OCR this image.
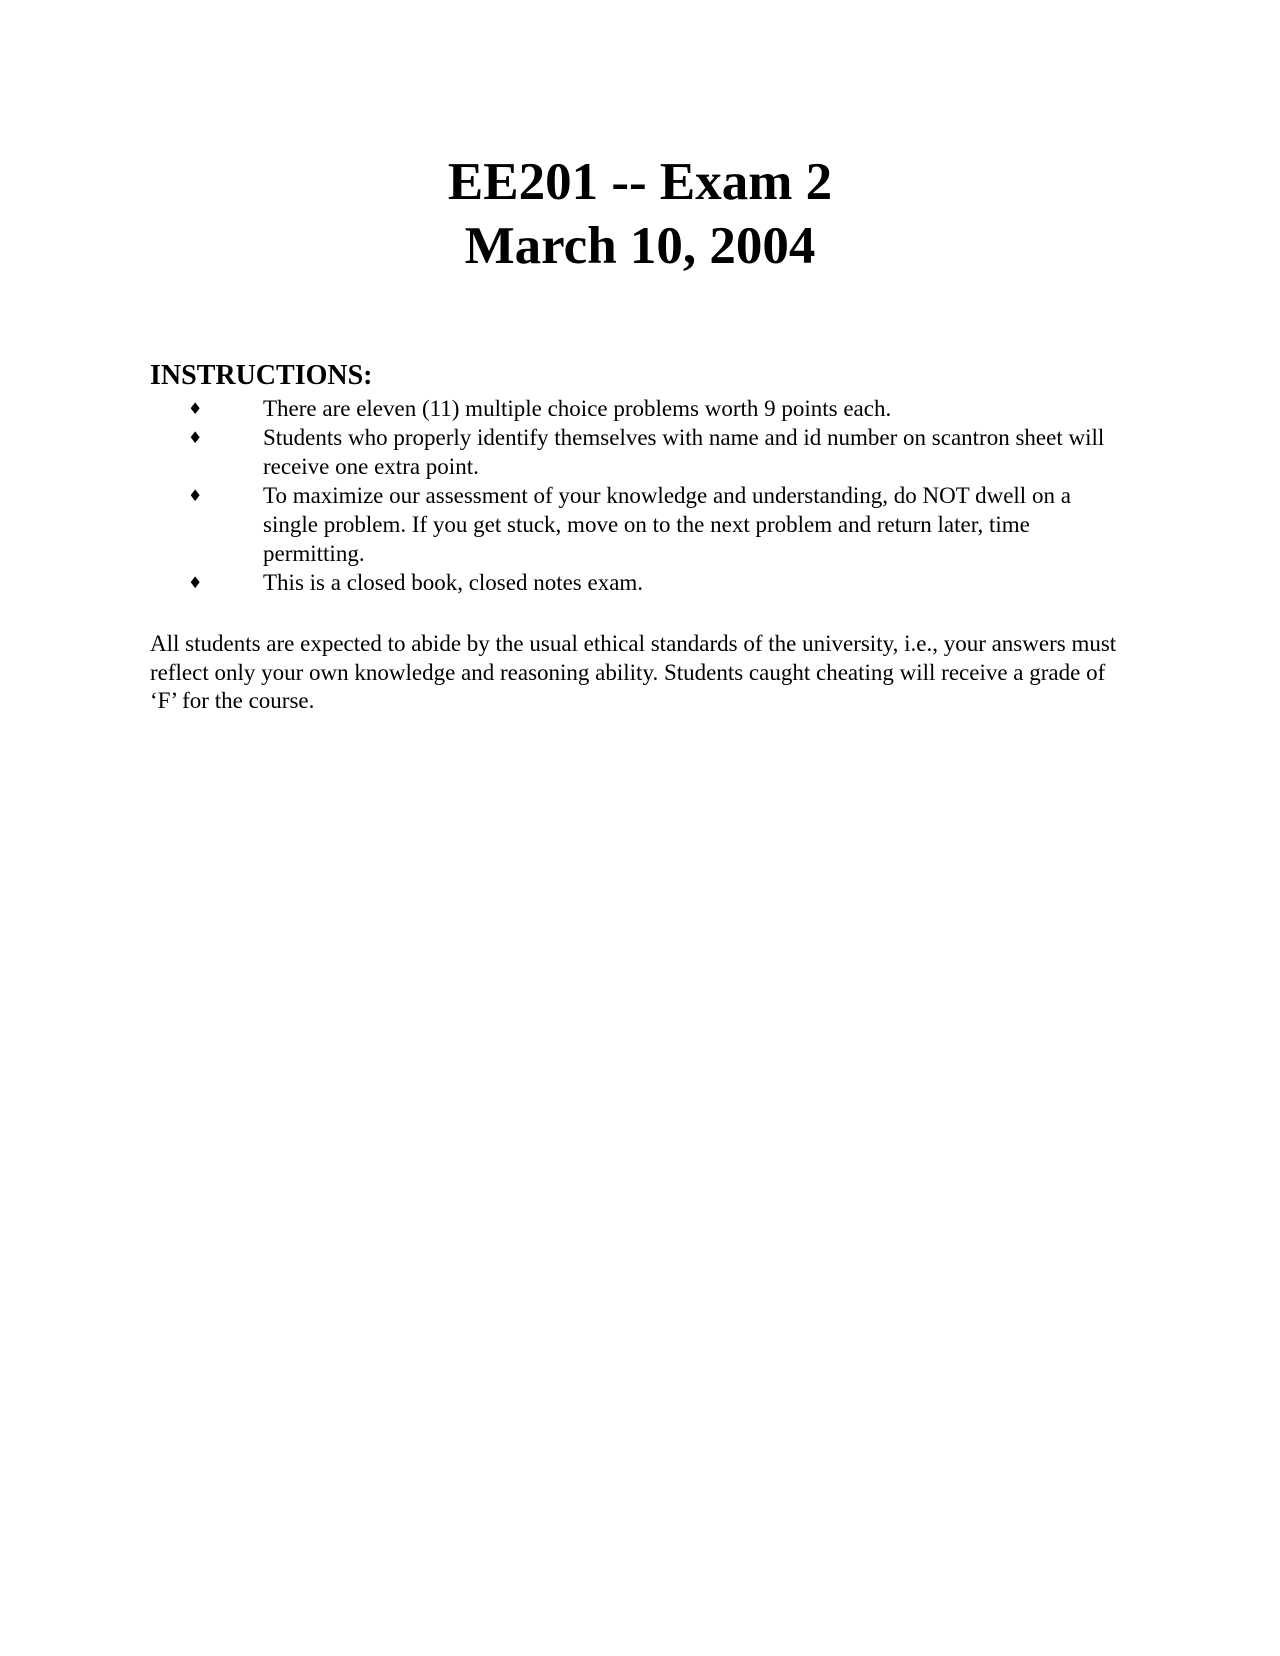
EE201 -- Exam 2
March 10, 2004
INSTRUCTIONS:
♦	There are eleven (11) multiple choice problems worth 9 points each.
♦	Students who properly identify themselves with name and id number on scantron sheet will receive one extra point.
♦	To maximize our assessment of your knowledge and understanding, do NOT dwell on a single problem. If you get stuck, move on to the next problem and return later, time permitting.
♦	This is a closed book, closed notes exam.

All students are expected to abide by the usual ethical standards of the university, i.e., your answers must reflect only your own knowledge and reasoning ability. Students caught cheating will receive a grade of ‘F’ for the course.
